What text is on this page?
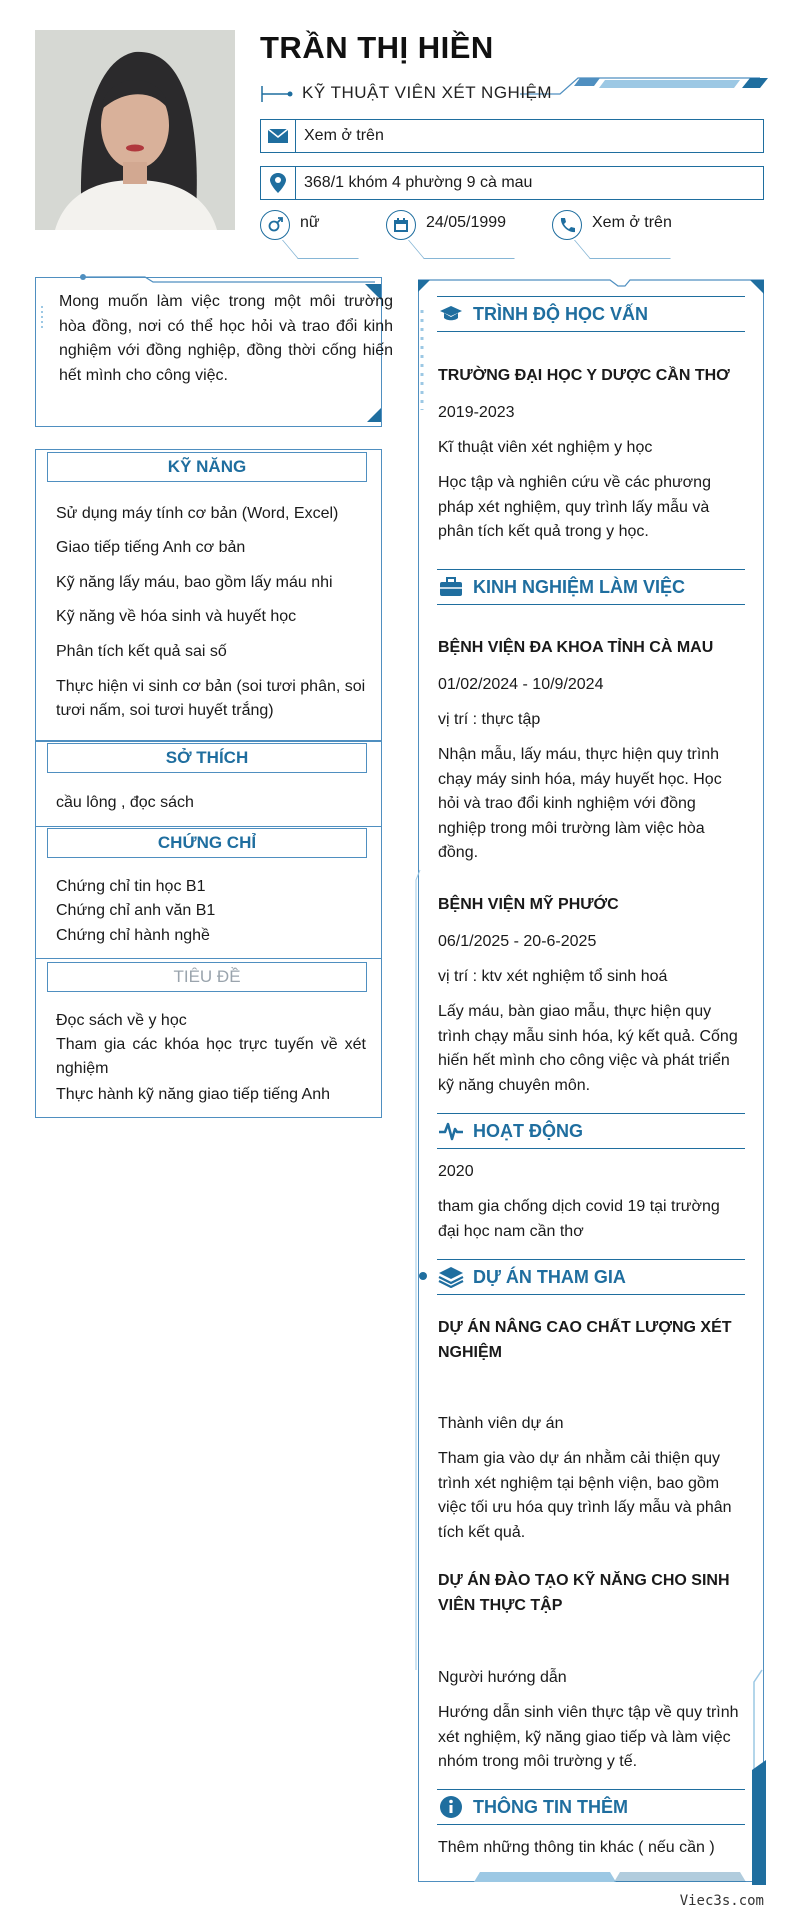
TRẦN THỊ HIỀN
KỸ THUẬT VIÊN XÉT NGHIỆM
Xem ở trên
368/1 khóm 4 phường 9 cà mau
nữ	24/05/1999	Xem ở trên
Mong muốn làm việc trong một môi trường hòa đồng, nơi có thể học hỏi và trao đổi kinh nghiệm với đồng nghiệp, đồng thời cống hiến hết mình cho công việc.
KỸ NĂNG
Sử dụng máy tính cơ bản (Word, Excel)
Giao tiếp tiếng Anh cơ bản
Kỹ năng lấy máu, bao gồm lấy máu nhi
Kỹ năng về hóa sinh và huyết học
Phân tích kết quả sai số
Thực hiện vi sinh cơ bản (soi tươi phân, soi tươi nấm, soi tươi huyết trắng)
SỞ THÍCH
cầu lông , đọc sách
CHỨNG CHỈ
Chứng chỉ tin học B1
Chứng chỉ anh văn B1
Chứng chỉ hành nghề
TIÊU ĐỀ
Đọc sách về y học
Tham gia các khóa học trực tuyến về xét nghiệm
Thực hành kỹ năng giao tiếp tiếng Anh
TRÌNH ĐỘ HỌC VẤN
TRƯỜNG ĐẠI HỌC Y DƯỢC CẦN THƠ
2019-2023
Kĩ thuật viên xét nghiệm y học
Học tập và nghiên cứu về các phương pháp xét nghiệm, quy trình lấy mẫu và phân tích kết quả trong y học.
KINH NGHIỆM LÀM VIỆC
BỆNH VIỆN ĐA KHOA TỈNH CÀ MAU
01/02/2024 - 10/9/2024
vị trí : thực tập
Nhận mẫu, lấy máu, thực hiện quy trình chạy máy sinh hóa, máy huyết học. Học hỏi và trao đổi kinh nghiệm với đồng nghiệp trong môi trường làm việc hòa đồng.
BỆNH VIỆN MỸ PHƯỚC
06/1/2025 - 20-6-2025
vị trí : ktv xét nghiệm tổ sinh hoá
Lấy máu, bàn giao mẫu, thực hiện quy trình chạy mẫu sinh hóa, ký kết quả. Cống hiến hết mình cho công việc và phát triển kỹ năng chuyên môn.
HOẠT ĐỘNG
2020
tham gia chống dịch covid 19 tại trường đại học nam cần thơ
DỰ ÁN THAM GIA
DỰ ÁN NÂNG CAO CHẤT LƯỢNG XÉT NGHIỆM
Thành viên dự án
Tham gia vào dự án nhằm cải thiện quy trình xét nghiệm tại bệnh viện, bao gồm việc tối ưu hóa quy trình lấy mẫu và phân tích kết quả.
DỰ ÁN ĐÀO TẠO KỸ NĂNG CHO SINH VIÊN THỰC TẬP
Người hướng dẫn
Hướng dẫn sinh viên thực tập về quy trình xét nghiệm, kỹ năng giao tiếp và làm việc nhóm trong môi trường y tế.
THÔNG TIN THÊM
Thêm những thông tin khác ( nếu cần )
Viec3s.com
